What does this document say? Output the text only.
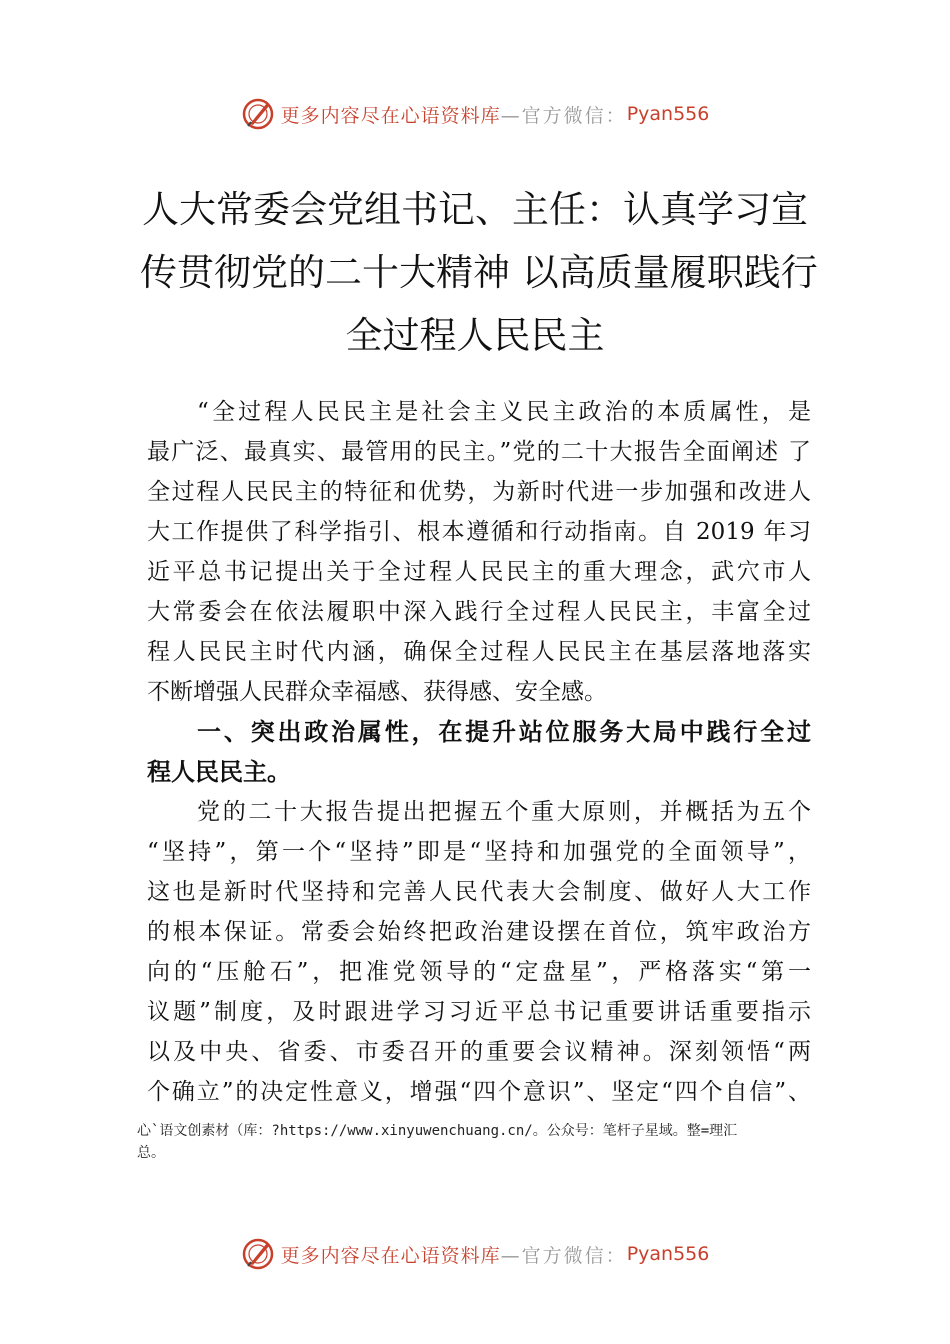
更多内容尽在心语资料库 —官方微信： Pyan556
人大常委会党组书记、主任：认真学习宣
传贯彻党的二十大精神 以高质量履职践行
全过程人民民主
“全过程人民民主是社会主义民主政治的本质属性，是
最广泛、最真实、最管用的民主。”党的二十大报告全面阐述 了
全过程人民民主的特征和优势，为新时代进一步加强和改进人
大工作提供了科学指引、根本遵循和行动指南。自 2019 年习
近平总书记提出关于全过程人民民主的重大理念，武穴市人
大常委会在依法履职中深入践行全过程人民民主，丰富全过
程人民民主时代内涵，确保全过程人民民主在基层落地落实
不断增强人民群众幸福感、获得感、安全感。
一、突出政治属性，在提升站位服务大局中践行全过
程人民民主。
党的二十大报告提出把握五个重大原则，并概括为五个
“坚持”，第一个“坚持”即是“坚持和加强党的全面领导”，
这也是新时代坚持和完善人民代表大会制度、做好人大工作
的根本保证。常委会始终把政治建设摆在首位，筑牢政治方
向的“压舱石”，把准党领导的“定盘星”，严格落实“第一
议题”制度，及时跟进学习习近平总书记重要讲话重要指示
以及中央、省委、市委召开的重要会议精神。深刻领悟“两
个确立”的决定性意义，增强“四个意识”、坚定“四个自信”、
心`语文创素材（库：?https://www.xinyuwenchuang.cn/。公众号：笔杆子星域。整=理汇
总。
更多内容尽在心语资料库 —官方微信： Pyan556
